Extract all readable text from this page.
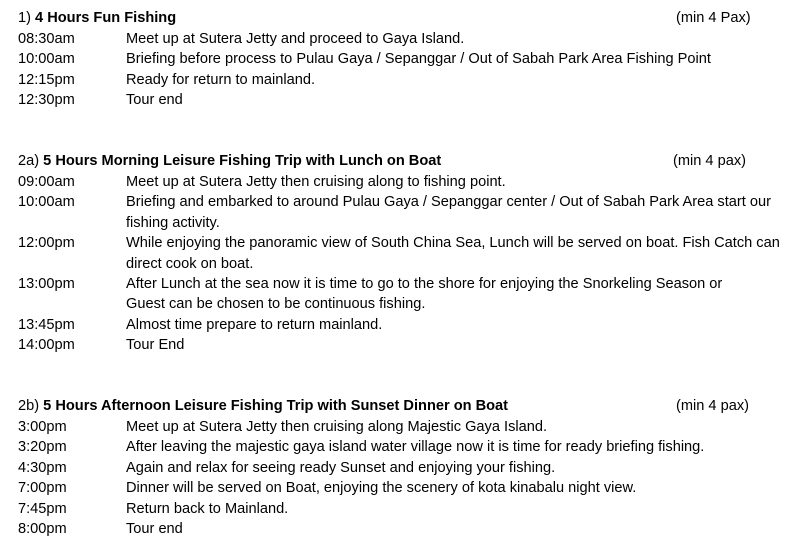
1) 4 Hours Fun Fishing	(min 4 Pax)
08:30am	Meet up at Sutera Jetty and proceed to Gaya Island.
10:00am	Briefing before process to Pulau Gaya / Sepanggar / Out of Sabah Park Area Fishing Point
12:15pm	Ready for return to mainland.
12:30pm	Tour end
2a) 5 Hours Morning Leisure Fishing Trip with Lunch on Boat	(min 4 pax)
09:00am	Meet up at Sutera Jetty then cruising along to fishing point.
10:00am	Briefing and embarked to around Pulau Gaya / Sepanggar center / Out of Sabah Park Area start our fishing activity.
12:00pm	While enjoying the panoramic view of South China Sea, Lunch will be served on boat. Fish Catch can direct cook on boat.
13:00pm	After Lunch at the sea now it is time to go to the shore for enjoying the Snorkeling Season or Guest can be chosen to be continuous fishing.
13:45pm	Almost time prepare to return mainland.
14:00pm	Tour End
2b) 5 Hours Afternoon Leisure Fishing Trip with Sunset Dinner on Boat	(min 4 pax)
3:00pm	Meet up at Sutera Jetty then cruising along Majestic Gaya Island.
3:20pm	After leaving the majestic gaya island water village now it is time for ready briefing fishing.
4:30pm	Again and relax for seeing ready Sunset and enjoying your fishing.
7:00pm	Dinner will be served on Boat, enjoying the scenery of kota kinabalu night view.
7:45pm	Return back to Mainland.
8:00pm	Tour end
